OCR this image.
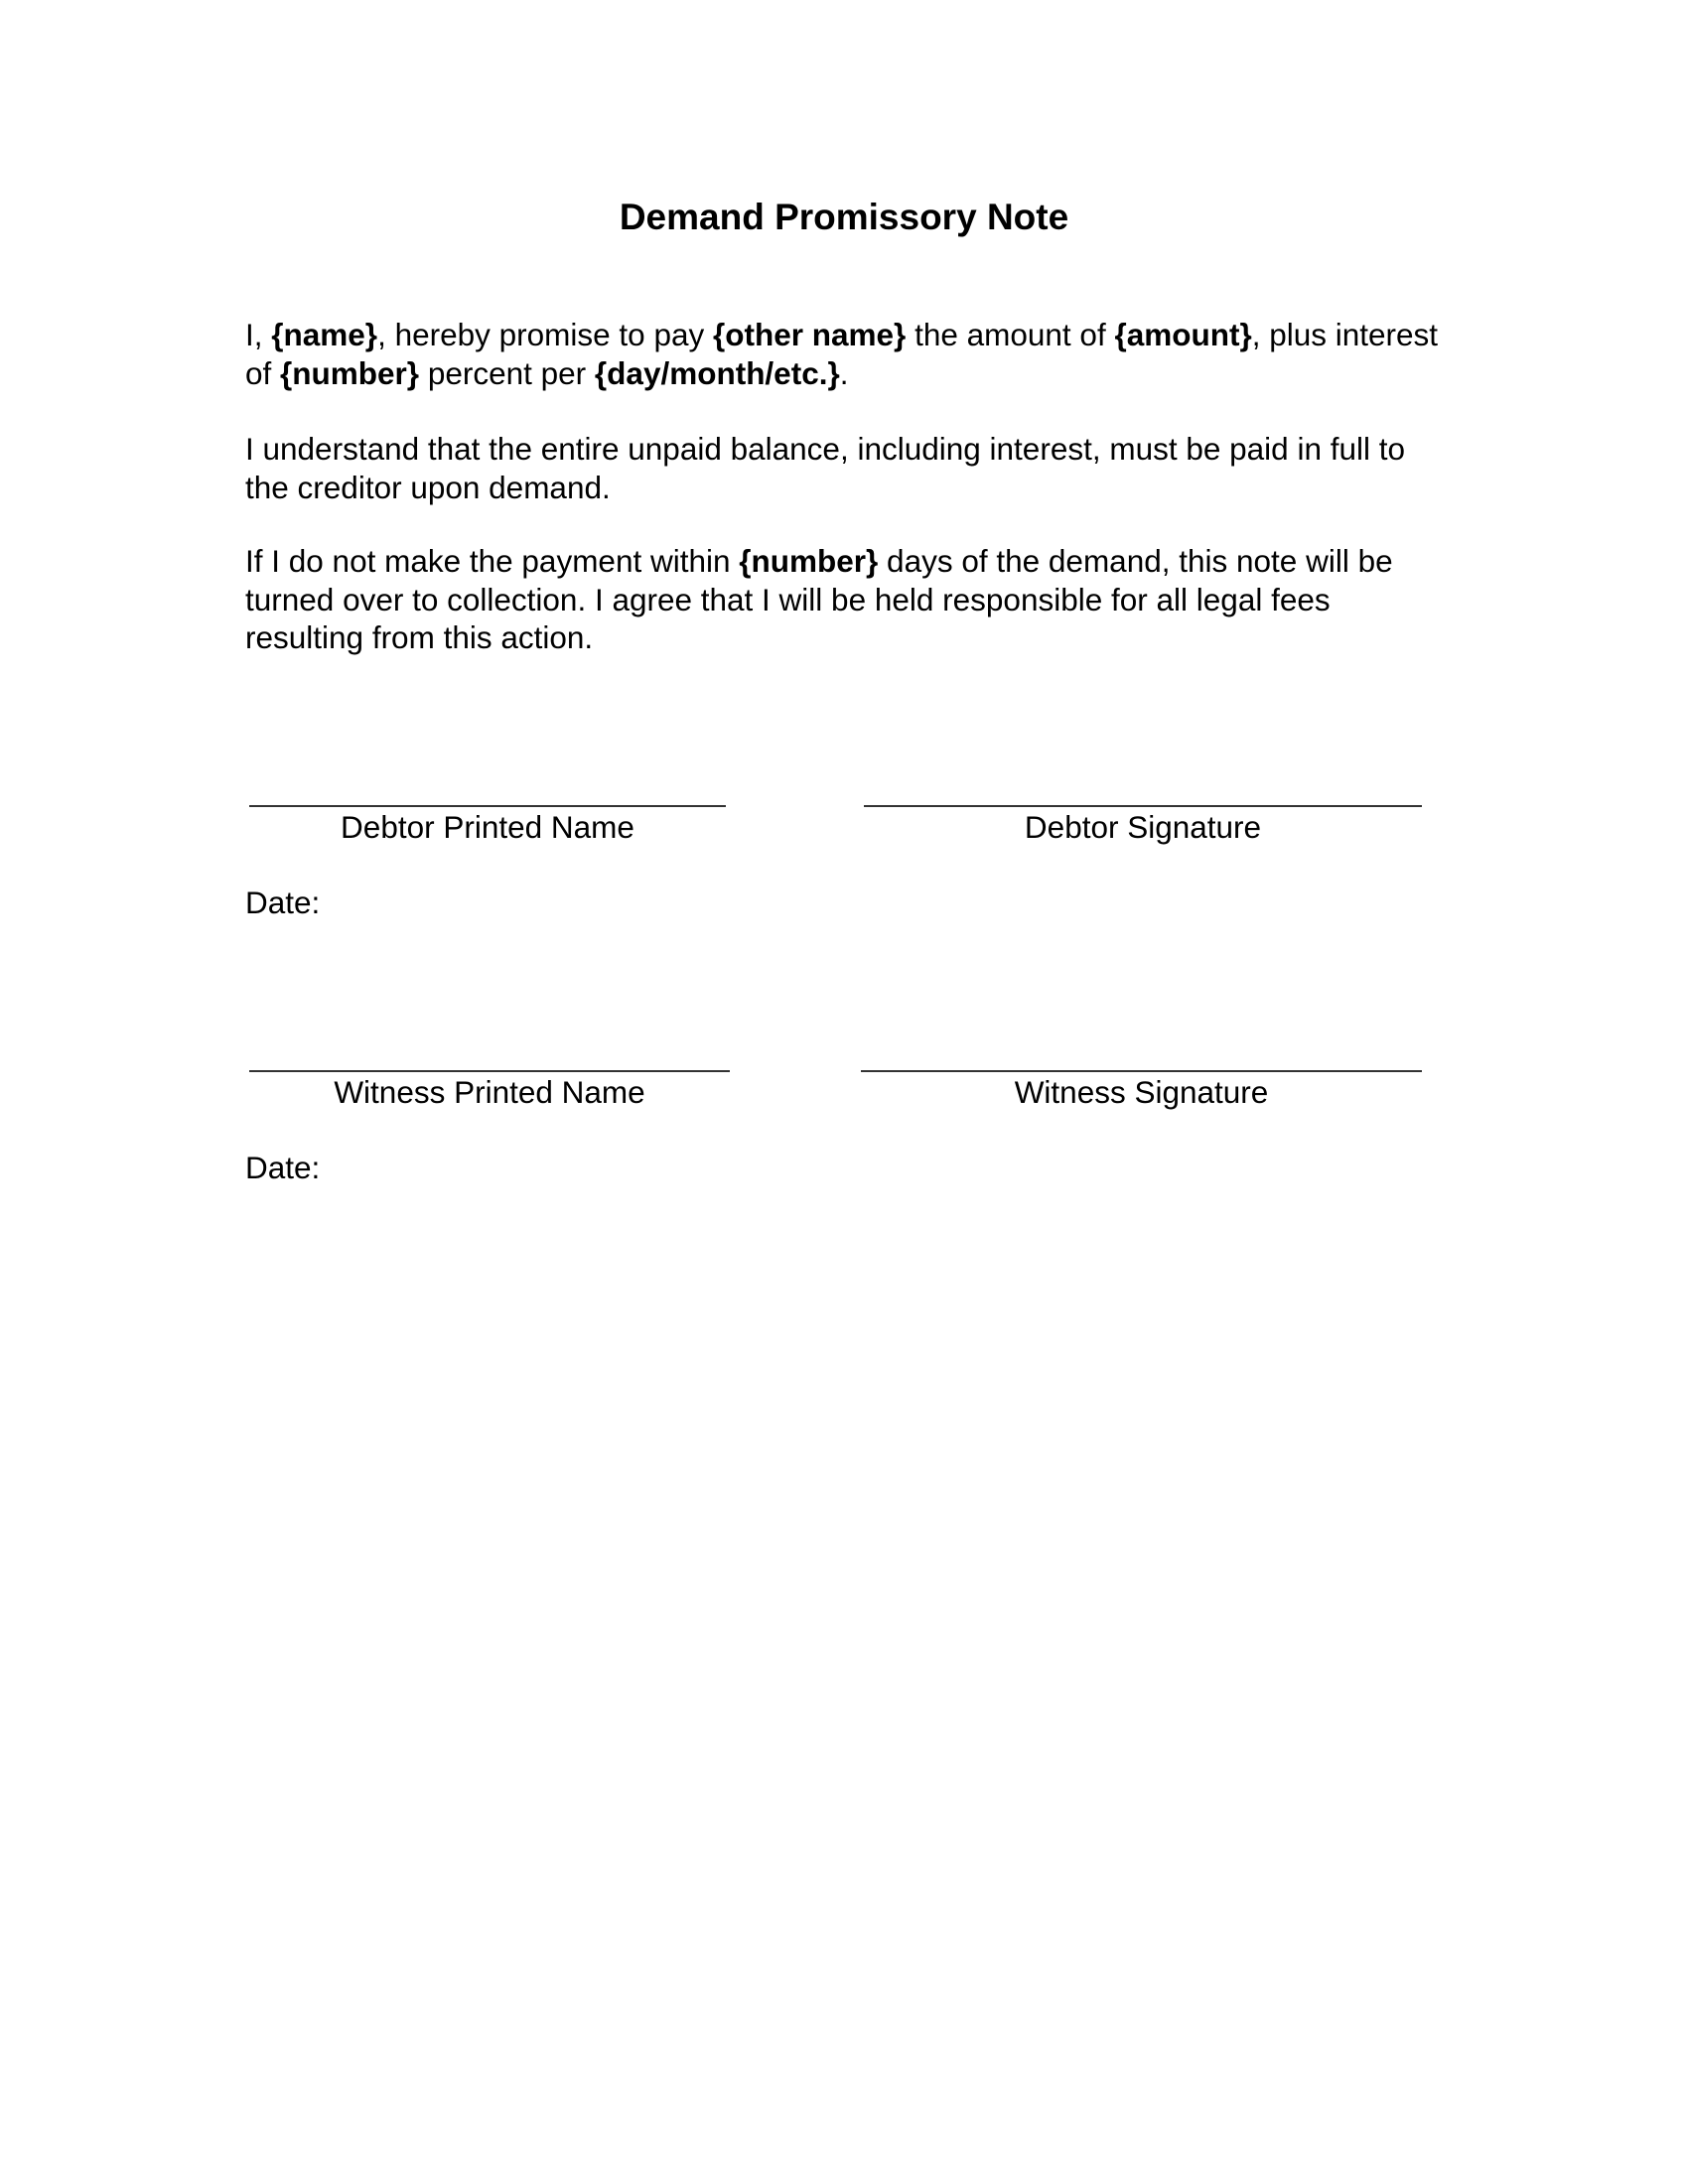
Demand Promissory Note
I, {name}, hereby promise to pay {other name} the amount of {amount}, plus interest of {number} percent per {day/month/etc.}.
I understand that the entire unpaid balance, including interest, must be paid in full to the creditor upon demand.
If I do not make the payment within {number} days of the demand, this note will be turned over to collection. I agree that I will be held responsible for all legal fees resulting from this action.
Debtor Printed Name	Debtor Signature
Date:
Witness Printed Name	Witness Signature
Date:
